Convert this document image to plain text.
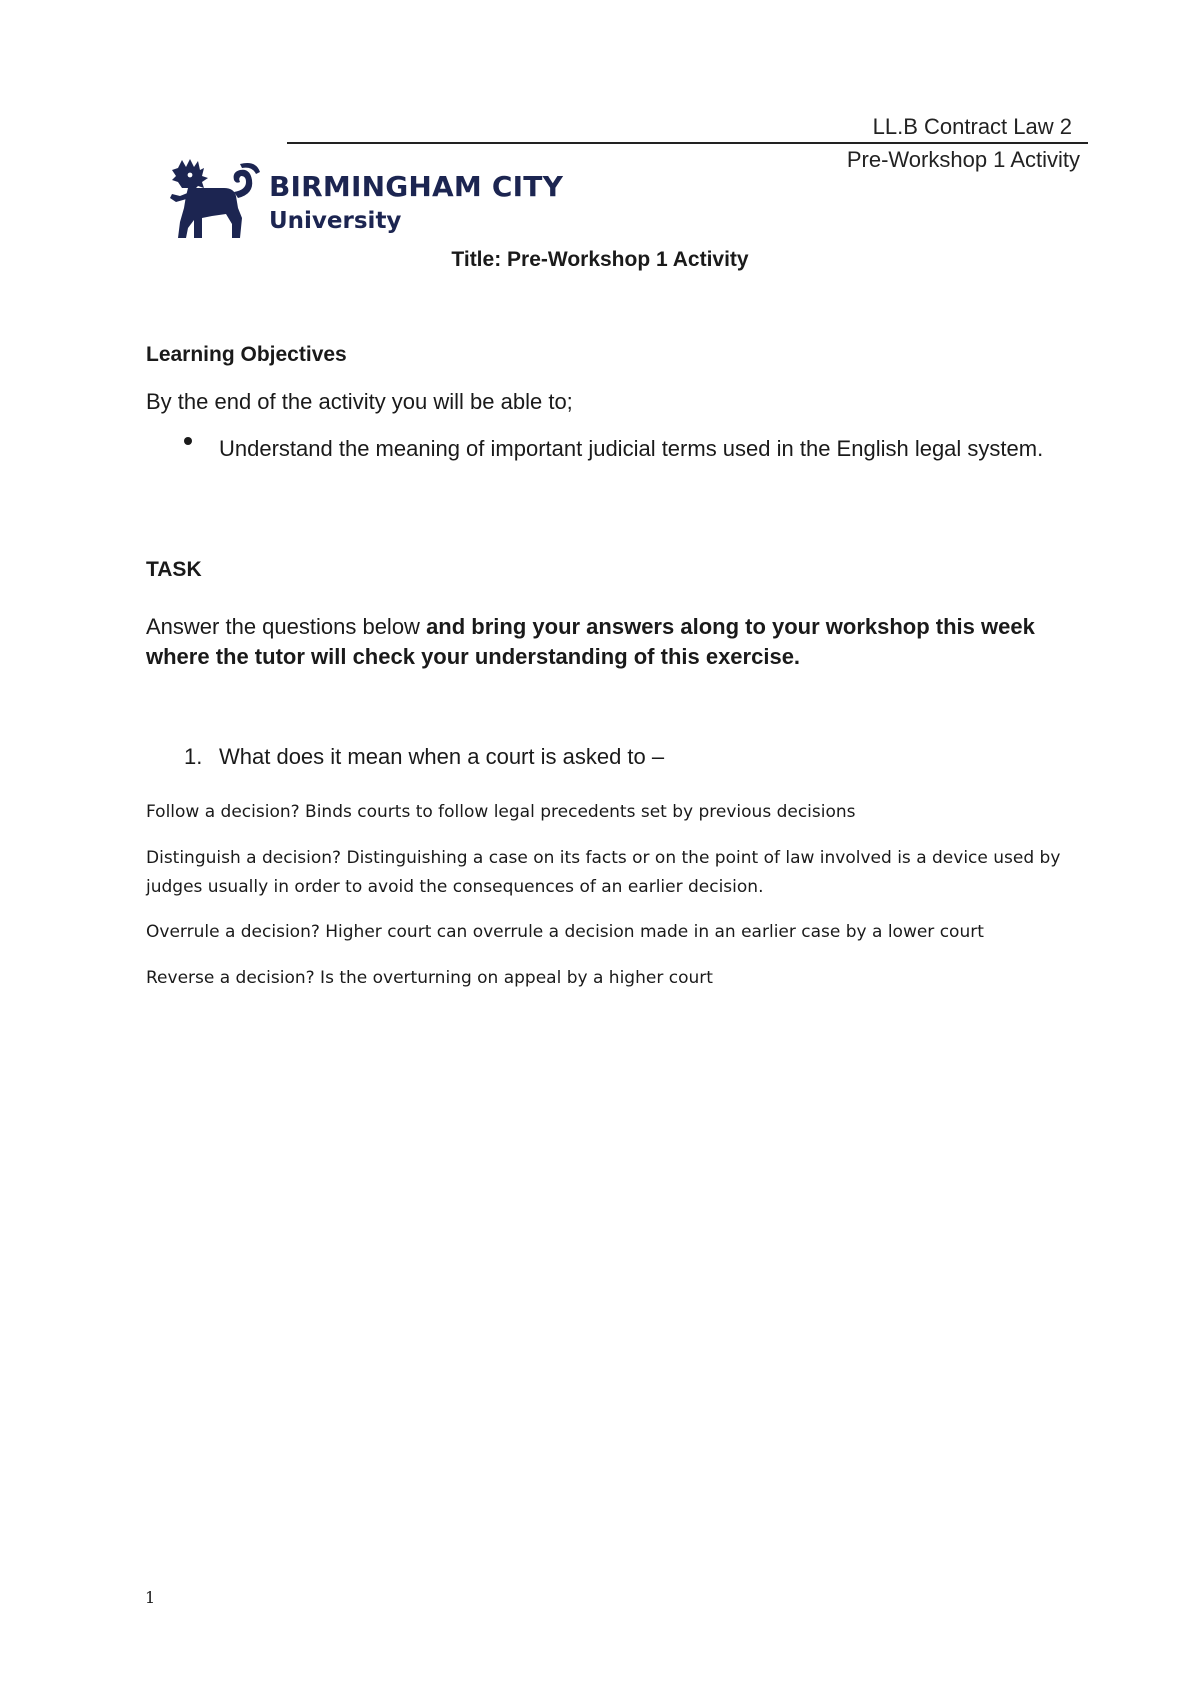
LL.B Contract Law 2
Pre-Workshop 1 Activity
BIRMINGHAM CITY
University
Title: Pre-Workshop 1 Activity
Learning Objectives
By the end of the activity you will be able to;
Understand the meaning of important judicial terms used in the English legal system.
TASK
Answer the questions below and bring your answers along to your workshop this week where the tutor will check your understanding of this exercise.
1. What does it mean when a court is asked to –
Follow a decision? Binds courts to follow legal precedents set by previous decisions
Distinguish a decision? Distinguishing a case on its facts or on the point of law involved is a device used by judges usually in order to avoid the consequences of an earlier decision.
Overrule a decision? Higher court can overrule a decision made in an earlier case by a lower court
Reverse a decision? Is the overturning on appeal by a higher court
1
